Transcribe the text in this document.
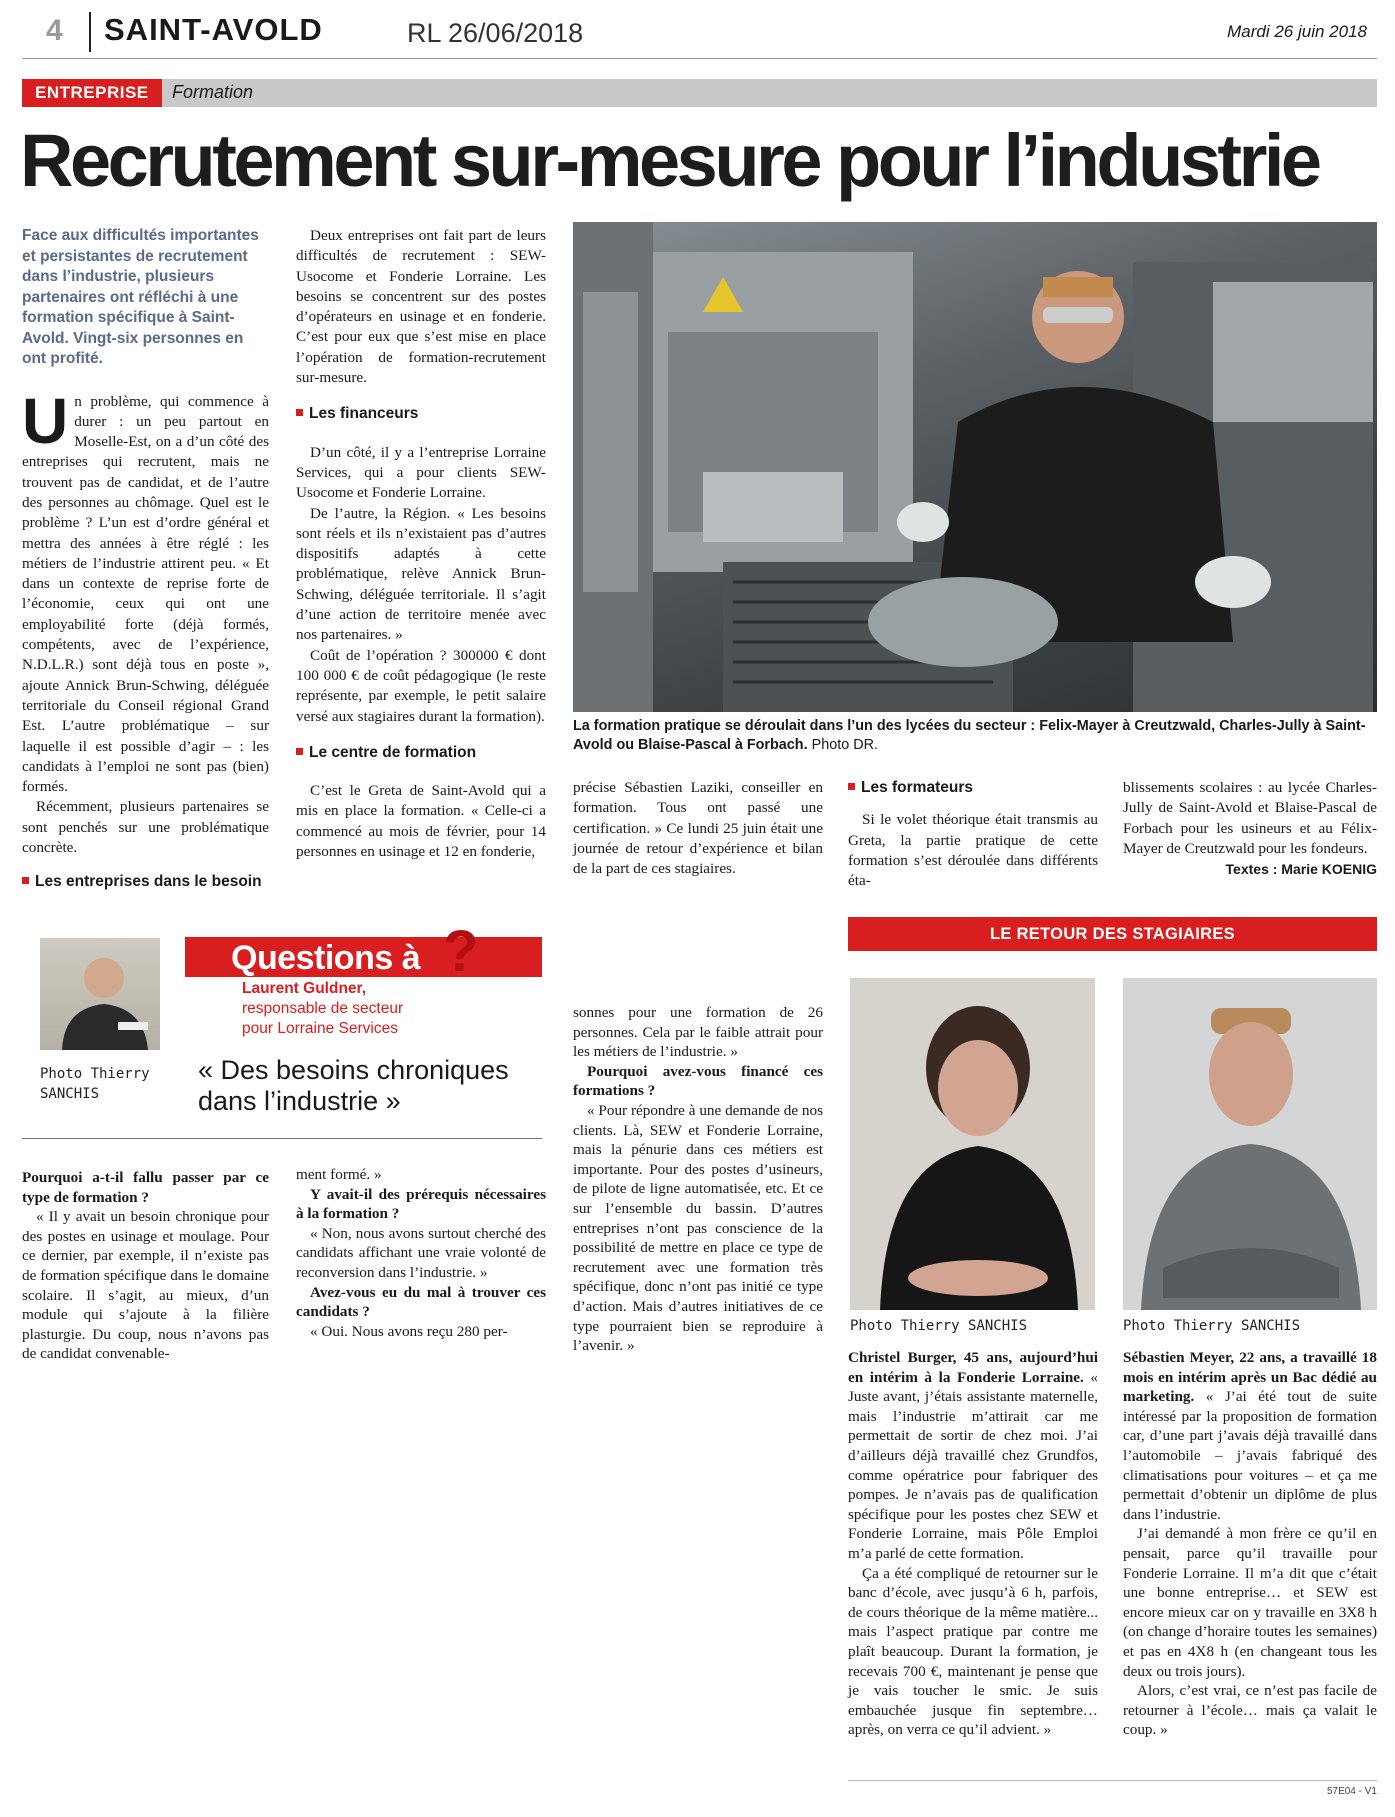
4 SAINT-AVOLD	RL 26/06/2018	Mardi 26 juin 2018
ENTREPRISE	Formation
Recrutement sur-mesure pour l’industrie
Face aux difficultés importantes et persistantes de recrutement dans l’industrie, plusieurs partenaires ont réfléchi à une formation spécifique à Saint-Avold. Vingt-six personnes en ont profité.

Un problème, qui commence à durer : un peu partout en Moselle-Est, on a d’un côté des entreprises qui recrutent, mais ne trouvent pas de candidat, et de l’autre des personnes au chômage. Quel est le problème ? L’un est d’ordre général et mettra des années à être réglé : les métiers de l’industrie attirent peu. « Et dans un contexte de reprise forte de l’économie, ceux qui ont une employabilité forte (déjà formés, compétents, avec de l’expérience, N.D.L.R.) sont déjà tous en poste », ajoute Annick Brun-Schwing, déléguée territoriale du Conseil régional Grand Est. L’autre problématique – sur laquelle il est possible d’agir – : les candidats à l’emploi ne sont pas (bien) formés.

Récemment, plusieurs partenaires se sont penchés sur une problématique concrète.

Les entreprises dans le besoin

Deux entreprises ont fait part de leurs difficultés de recrutement : SEW-Usocome et Fonderie Lorraine. Les besoins se concentrent sur des postes d’opérateurs en usinage et en fonderie. C’est pour eux que s’est mise en place l’opération de formation-recrutement sur-mesure.

Les financeurs

D’un côté, il y a l’entreprise Lorraine Services, qui a pour clients SEW-Usocome et Fonderie Lorraine.

De l’autre, la Région. « Les besoins sont réels et ils n’existaient pas d’autres dispositifs adaptés à cette problématique, relève Annick Brun-Schwing, déléguée territoriale. Il s’agit d’une action de territoire menée avec nos partenaires. »

Coût de l’opération ? 300000 € dont 100 000 € de coût pédagogique (le reste représente, par exemple, le petit salaire versé aux stagiaires durant la formation).

Le centre de formation

C’est le Greta de Saint-Avold qui a mis en place la formation. « Celle-ci a commencé au mois de février, pour 14 personnes en usinage et 12 en fonderie,

La formation pratique se déroulait dans l’un des lycées du secteur : Felix-Mayer à Creutzwald, Charles-Jully à Saint-Avold ou Blaise-Pascal à Forbach. Photo DR.

précise Sébastien Laziki, conseiller en formation. Tous ont passé une certification. » Ce lundi 25 juin était une journée de retour d’expérience et bilan de la part de ces stagiaires.

Les formateurs

Si le volet théorique était transmis au Greta, la partie pratique de cette formation s’est déroulée dans différents éta-

blissements scolaires : au lycée Charles-Jully de Saint-Avold et Blaise-Pascal de Forbach pour les usineurs et au Félix-Mayer de Creutzwald pour les fondeurs.

Textes : Marie KOENIG
Photo Thierry SANCHIS
Questions à ?
Laurent Guldner,
responsable de secteur
pour Lorraine Services
« Des besoins chroniques dans l’industrie »

Pourquoi a-t-il fallu passer par ce type de formation ?

« Il y avait un besoin chronique pour des postes en usinage et moulage. Pour ce dernier, par exemple, il n’existe pas de formation spécifique dans le domaine scolaire. Il s’agit, au mieux, d’un module qui s’ajoute à la filière plasturgie. Du coup, nous n’avons pas de candidat convenable-

ment formé. »

Y avait-il des prérequis nécessaires à la formation ?

« Non, nous avons surtout cherché des candidats affichant une vraie volonté de reconversion dans l’industrie. »

Avez-vous eu du mal à trouver ces candidats ?

« Oui. Nous avons reçu 280 per-

sonnes pour une formation de 26 personnes. Cela par le faible attrait pour les métiers de l’industrie. »

Pourquoi avez-vous financé ces formations ?

« Pour répondre à une demande de nos clients. Là, SEW et Fonderie Lorraine, mais la pénurie dans ces métiers est importante. Pour des postes d’usineurs, de pilote de ligne automatisée, etc. Et ce sur l’ensemble du bassin. D’autres entreprises n’ont pas conscience de la possibilité de mettre en place ce type de recrutement avec une formation très spécifique, donc n’ont pas initié ce type d’action. Mais d’autres initiatives de ce type pourraient bien se reproduire à l’avenir. »

LE RETOUR DES STAGIAIRES
Photo Thierry SANCHIS	Photo Thierry SANCHIS

Christel Burger, 45 ans, aujourd’hui en intérim à la Fonderie Lorraine. « Juste avant, j’étais assistante maternelle, mais l’industrie m’attirait car me permettait de sortir de chez moi. J’ai d’ailleurs déjà travaillé chez Grundfos, comme opératrice pour fabriquer des pompes. Je n’avais pas de qualification spécifique pour les postes chez SEW et Fonderie Lorraine, mais Pôle Emploi m’a parlé de cette formation.

Ça a été compliqué de retourner sur le banc d’école, avec jusqu’à 6 h, parfois, de cours théorique de la même matière... mais l’aspect pratique par contre me plaît beaucoup. Durant la formation, je recevais 700 €, maintenant je pense que je vais toucher le smic. Je suis embauchée jusque fin septembre… après, on verra ce qu’il advient. »

Sébastien Meyer, 22 ans, a travaillé 18 mois en intérim après un Bac dédié au marketing. « J’ai été tout de suite intéressé par la proposition de formation car, d’une part j’avais déjà travaillé dans l’automobile – j’avais fabriqué des climatisations pour voitures – et ça me permettait d’obtenir un diplôme de plus dans l’industrie.

J’ai demandé à mon frère ce qu’il en pensait, parce qu’il travaille pour Fonderie Lorraine. Il m’a dit que c’était une bonne entreprise… et SEW est encore mieux car on y travaille en 3X8 h (on change d’horaire toutes les semaines) et pas en 4X8 h (en changeant tous les deux ou trois jours).

Alors, c’est vrai, ce n’est pas facile de retourner à l’école… mais ça valait le coup. »

57E04 - V1
